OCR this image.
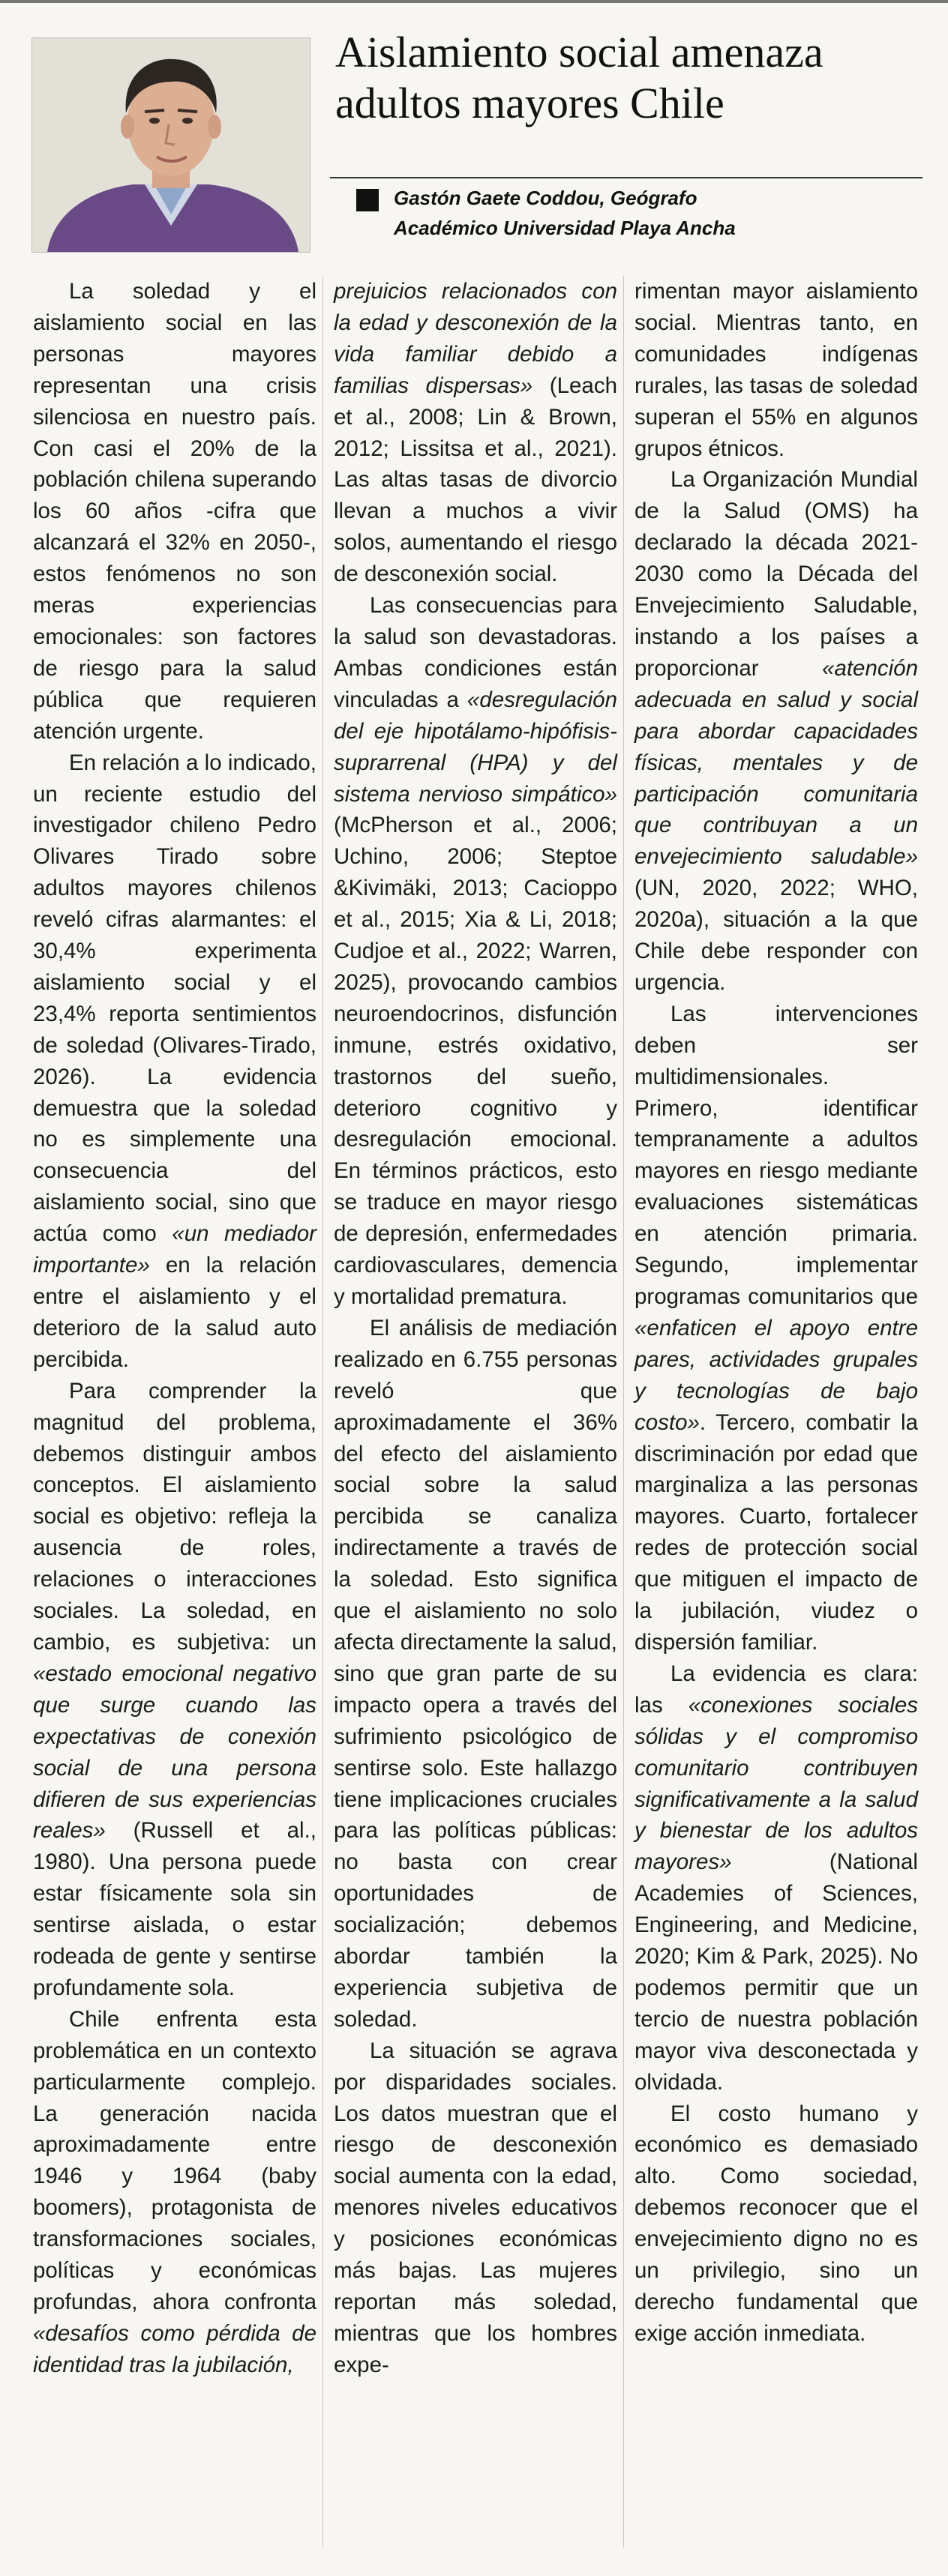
Aislamiento social amenaza adultos mayores Chile
Gastón Gaete Coddou, Geógrafo
Académico Universidad Playa Ancha

La soledad y el aislamiento social en las personas mayores representan una crisis silenciosa en nuestro país. Con casi el 20% de la población chilena superando los 60 años -cifra que alcanzará el 32% en 2050-, estos fenómenos no son meras experiencias emocionales: son factores de riesgo para la salud pública que requieren atención urgente.

En relación a lo indicado, un reciente estudio del investigador chileno Pedro Olivares Tirado sobre adultos mayores chilenos reveló cifras alarmantes: el 30,4% experimenta aislamiento social y el 23,4% reporta sentimientos de soledad (Olivares-Tirado, 2026). La evidencia demuestra que la soledad no es simplemente una consecuencia del aislamiento social, sino que actúa como «un mediador importante» en la relación entre el aislamiento y el deterioro de la salud auto percibida.

Para comprender la magnitud del problema, debemos distinguir ambos conceptos. El aislamiento social es objetivo: refleja la ausencia de roles, relaciones o interacciones sociales. La soledad, en cambio, es subjetiva: un «estado emocional negativo que surge cuando las expectativas de conexión social de una persona difieren de sus experiencias reales» (Russell et al., 1980). Una persona puede estar físicamente sola sin sentirse aislada, o estar rodeada de gente y sentirse profundamente sola.

Chile enfrenta esta problemática en un contexto particularmente complejo. La generación nacida aproximadamente entre 1946 y 1964 (baby boomers), protagonista de transformaciones sociales, políticas y económicas profundas, ahora confronta «desafíos como pérdida de identidad tras la jubilación,

prejuicios relacionados con la edad y desconexión de la vida familiar debido a familias dispersas» (Leach et al., 2008; Lin & Brown, 2012; Lissitsa et al., 2021). Las altas tasas de divorcio llevan a muchos a vivir solos, aumentando el riesgo de desconexión social.

Las consecuencias para la salud son devastadoras. Ambas condiciones están vinculadas a «desregulación del eje hipotálamo-hipófisis-suprarrenal (HPA) y del sistema nervioso simpático» (McPherson et al., 2006; Uchino, 2006; Steptoe &Kivimäki, 2013; Cacioppo et al., 2015; Xia & Li, 2018; Cudjoe et al., 2022; Warren, 2025), provocando cambios neuroendocrinos, disfunción inmune, estrés oxidativo, trastornos del sueño, deterioro cognitivo y desregulación emocional. En términos prácticos, esto se traduce en mayor riesgo de depresión, enfermedades cardiovasculares, demencia y mortalidad prematura.

El análisis de mediación realizado en 6.755 personas reveló que aproximadamente el 36% del efecto del aislamiento social sobre la salud percibida se canaliza indirectamente a través de la soledad. Esto significa que el aislamiento no solo afecta directamente la salud, sino que gran parte de su impacto opera a través del sufrimiento psicológico de sentirse solo. Este hallazgo tiene implicaciones cruciales para las políticas públicas: no basta con crear oportunidades de socialización; debemos abordar también la experiencia subjetiva de soledad.

La situación se agrava por disparidades sociales. Los datos muestran que el riesgo de desconexión social aumenta con la edad, menores niveles educativos y posiciones económicas más bajas. Las mujeres reportan más soledad, mientras que los hombres expe-

rimentan mayor aislamiento social. Mientras tanto, en comunidades indígenas rurales, las tasas de soledad superan el 55% en algunos grupos étnicos.

La Organización Mundial de la Salud (OMS) ha declarado la década 2021-2030 como la Década del Envejecimiento Saludable, instando a los países a proporcionar «atención adecuada en salud y social para abordar capacidades físicas, mentales y de participación comunitaria que contribuyan a un envejecimiento saludable» (UN, 2020, 2022; WHO, 2020a), situación a la que Chile debe responder con urgencia.

Las intervenciones deben ser multidimensionales. Primero, identificar tempranamente a adultos mayores en riesgo mediante evaluaciones sistemáticas en atención primaria. Segundo, implementar programas comunitarios que «enfaticen el apoyo entre pares, actividades grupales y tecnologías de bajo costo». Tercero, combatir la discriminación por edad que marginaliza a las personas mayores. Cuarto, fortalecer redes de protección social que mitiguen el impacto de la jubilación, viudez o dispersión familiar.

La evidencia es clara: las «conexiones sociales sólidas y el compromiso comunitario contribuyen significativamente a la salud y bienestar de los adultos mayores» (National Academies of Sciences, Engineering, and Medicine, 2020; Kim & Park, 2025). No podemos permitir que un tercio de nuestra población mayor viva desconectada y olvidada.

El costo humano y económico es demasiado alto. Como sociedad, debemos reconocer que el envejecimiento digno no es un privilegio, sino un derecho fundamental que exige acción inmediata.
